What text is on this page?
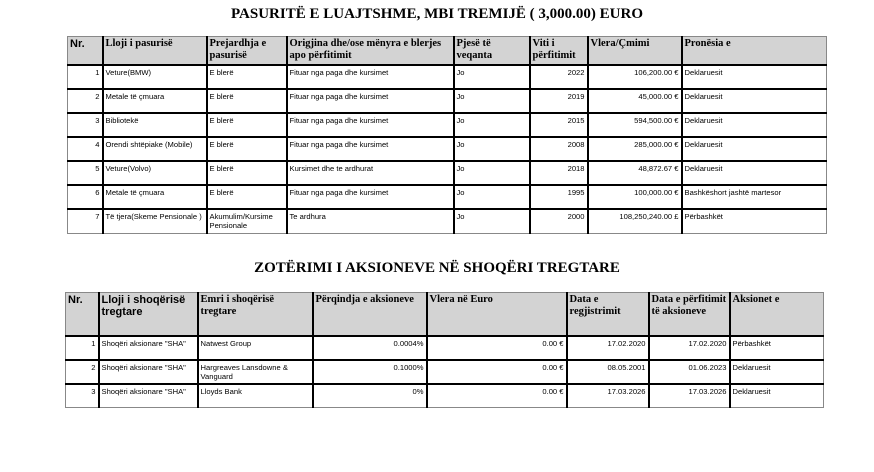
PASURITË E LUAJTSHME, MBI TREMIJË ( 3,000.00) EURO
Nr.	Lloji i pasurisë	Prejardhja e pasurisë	Origjina dhe/ose mënyra e blerjes apo përfitimit	Pjesë të veqanta	Viti i përfitimit	Vlera/Çmimi	Pronësia e
1	Veture(BMW)	E blerë	Fituar nga paga dhe kursimet	Jo	2022	106,200.00 €	Deklaruesit
2	Metale të çmuara	E blerë	Fituar nga paga dhe kursimet	Jo	2019	45,000.00 €	Deklaruesit
3	Bibliotekë	E blerë	Fituar nga paga dhe kursimet	Jo	2015	594,500.00 €	Deklaruesit
4	Orendi shtëpiake (Mobile)	E blerë	Fituar nga paga dhe kursimet	Jo	2008	285,000.00 €	Deklaruesit
5	Veture(Volvo)	E blerë	Kursimet dhe te ardhurat	Jo	2018	48,872.67 €	Deklaruesit
6	Metale të çmuara	E blerë	Fituar nga paga dhe kursimet	Jo	1995	100,000.00 €	Bashkëshort jashtë martesor
7	Të tjera(Skeme Pensionale )	Akumulim/Kursime Pensionale	Te ardhura	Jo	2000	108,250,240.00 £	Përbashkët
ZOTËRIMI I AKSIONEVE NË SHOQËRI TREGTARE
Nr.	Lloji i shoqërisë tregtare	Emri i shoqërisë tregtare	Përqindja e aksioneve	Vlera në Euro	Data e regjistrimit	Data e përfitimit të aksioneve	Aksionet e
1	Shoqëri aksionare "SHA"	Natwest Group	0.0004%	0.00 €	17.02.2020	17.02.2020	Përbashkët
2	Shoqëri aksionare "SHA"	Hargreaves Lansdowne & Vanguard	0.1000%	0.00 €	08.05.2001	01.06.2023	Deklaruesit
3	Shoqëri aksionare "SHA"	Lloyds Bank	0%	0.00 €	17.03.2026	17.03.2026	Deklaruesit
